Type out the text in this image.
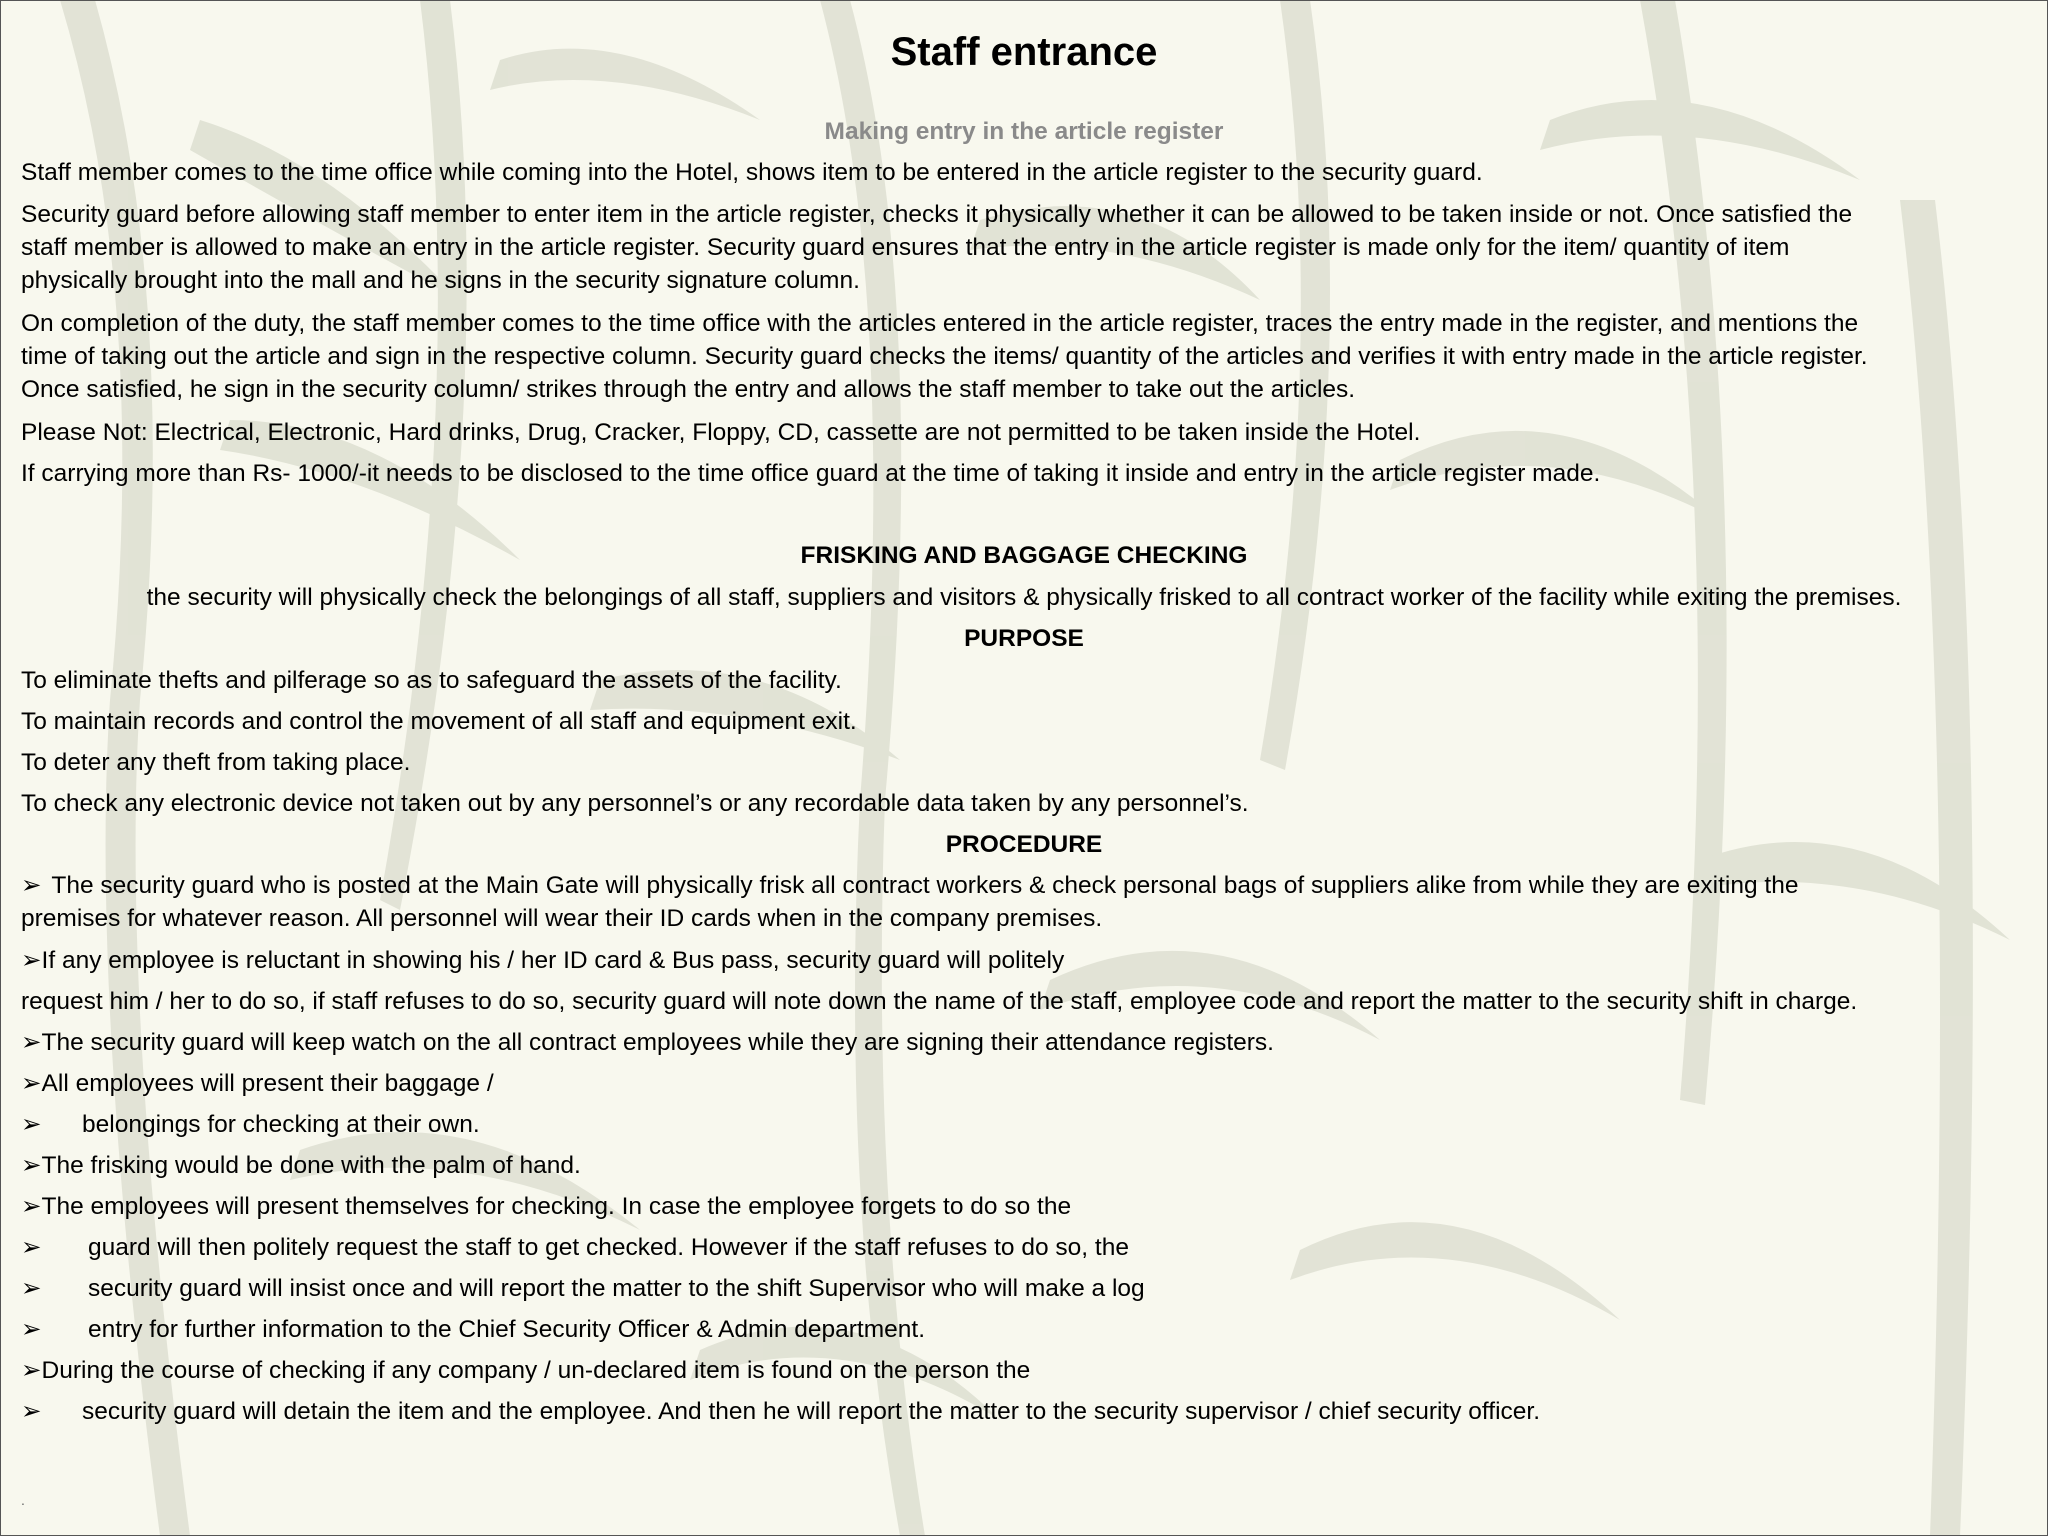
Staff entrance
Making entry in the article register
Staff member comes to the time office while coming into the Hotel, shows item to be entered in the article register to the security guard.
Security guard before allowing staff member to enter item in the article register, checks it physically whether it can be allowed to be taken inside or not. Once satisfied the
staff member is allowed to make an entry in the article register. Security guard ensures that the entry in the article register is made only for the item/ quantity of item
physically brought into the mall and he signs in the security signature column.
On completion of the duty, the staff member comes to the time office with the articles entered in the article register, traces the entry made in the register, and mentions the
time of taking out the article and sign in the respective column. Security guard checks the items/ quantity of the articles and verifies it with entry made in the article register.
Once satisfied, he sign in the security column/ strikes through the entry and allows the staff member to take out the articles.
Please Not: Electrical, Electronic, Hard drinks, Drug, Cracker, Floppy, CD, cassette are not permitted to be taken inside the Hotel.
If carrying more than Rs- 1000/-it needs to be disclosed to the time office guard at the time of taking it inside and entry in the article register made.
FRISKING AND BAGGAGE CHECKING
the security will physically check the belongings of all staff, suppliers and visitors & physically frisked to all contract worker of the facility while exiting the premises.
PURPOSE
To eliminate thefts and pilferage so as to safeguard the assets of the facility.
To maintain records and control the movement of all staff and equipment exit.
To deter any theft from taking place.
To check any electronic device not taken out by any personnel’s or any recordable data taken by any personnel’s.
PROCEDURE
➢ The security guard who is posted at the Main Gate will physically frisk all contract workers & check personal bags of suppliers alike from while they are exiting the
premises for whatever reason. All personnel will wear their ID cards when in the company premises.
➢If any employee is reluctant in showing his / her ID card & Bus pass, security guard will politely
request him / her to do so, if staff refuses to do so, security guard will note down the name of the staff, employee code and report the matter to the security shift in charge.
➢The security guard will keep watch on the all contract employees while they are signing their attendance registers.
➢All employees will present their baggage /
➢ belongings for checking at their own.
➢The frisking would be done with the palm of hand.
➢The employees will present themselves for checking. In case the employee forgets to do so the
➢ guard will then politely request the staff to get checked. However if the staff refuses to do so, the
➢ security guard will insist once and will report the matter to the shift Supervisor who will make a log
➢ entry for further information to the Chief Security Officer & Admin department.
➢During the course of checking if any company / un-declared item is found on the person the
➢ security guard will detain the item and the employee. And then he will report the matter to the security supervisor / chief security officer.
.
